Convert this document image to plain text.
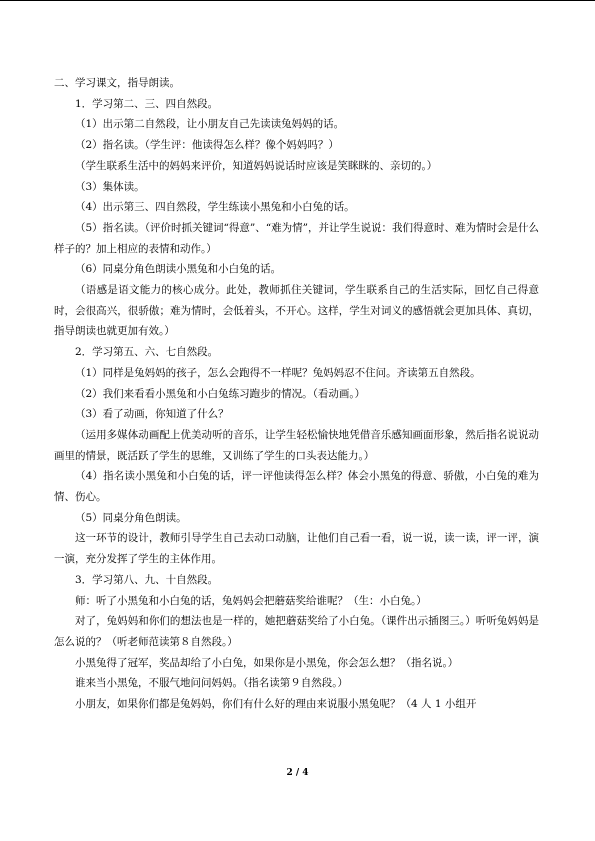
二、学习课文，指导朗读。

1．学习第二、三、四自然段。

（1）出示第二自然段，让小朋友自己先读读兔妈妈的话。

（2）指名读。（学生评：他读得怎么样？像个妈妈吗？）

（学生联系生活中的妈妈来评价，知道妈妈说话时应该是笑眯眯的、亲切的。）

（3）集体读。

（4）出示第三、四自然段，学生练读小黑兔和小白兔的话。

（5）指名读。（评价时抓关键词“得意”、“难为情”，并让学生说说：我们得意时、难为情时会是什么样子的？加上相应的表情和动作。）

（6）同桌分角色朗读小黑兔和小白兔的话。

（语感是语文能力的核心成分。此处，教师抓住关键词，学生联系自己的生活实际，回忆自己得意时，会很高兴，很骄傲；难为情时，会低着头，不开心。这样，学生对词义的感悟就会更加具体、真切，指导朗读也就更加有效。）

2．学习第五、六、七自然段。

（1）同样是兔妈妈的孩子，怎么会跑得不一样呢？兔妈妈忍不住问。齐读第五自然段。

（2）我们来看看小黑兔和小白兔练习跑步的情况。（看动画。）

（3）看了动画，你知道了什么？

（运用多媒体动画配上优美动听的音乐，让学生轻松愉快地凭借音乐感知画面形象，然后指名说说动画里的情景，既活跃了学生的思维，又训练了学生的口头表达能力。）

（4）指名读小黑兔和小白兔的话，评一评他读得怎么样？体会小黑兔的得意、骄傲，小白兔的难为情、伤心。

（5）同桌分角色朗读。

这一环节的设计，教师引导学生自己去动口动脑，让他们自己看一看，说一说，读一读，评一评，演一演，充分发挥了学生的主体作用。

3．学习第八、九、十自然段。

师：听了小黑兔和小白兔的话，兔妈妈会把蘑菇奖给谁呢？（生：小白兔。）

对了，兔妈妈和你们的想法也是一样的，她把蘑菇奖给了小白兔。（课件出示插图三。）听听兔妈妈是怎么说的？（听老师范读第８自然段。）

小黑兔得了冠军，奖品却给了小白兔，如果你是小黑兔，你会怎么想？（指名说。）

谁来当小黑兔，不服气地问问妈妈。（指名读第９自然段。）

小朋友，如果你们都是兔妈妈，你们有什么好的理由来说服小黑兔呢？（4 人 1 小组开

2 / 4
